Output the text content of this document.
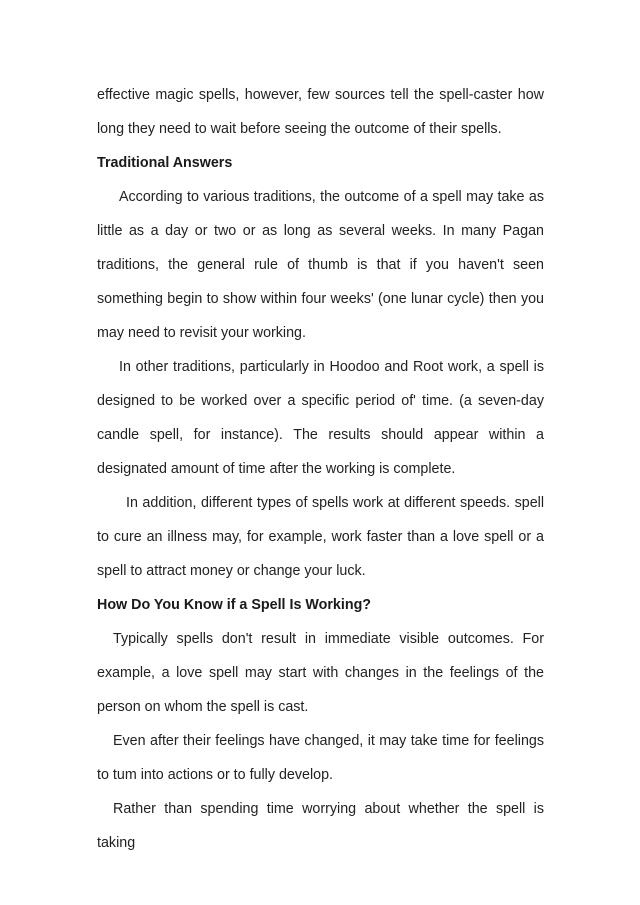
effective magic spells, however, few sources tell the spell-caster how long they need to wait before seeing the outcome of their spells.

Traditional Answers

According to various traditions, the outcome of a spell may take as little as a day or two or as long as several weeks. In many Pagan traditions, the general rule of thumb is that if you haven't seen something begin to show within four weeks' (one lunar cycle) then you may need to revisit your working.

In other traditions, particularly in Hoodoo and Root work, a spell is designed to be worked over a specific period of' time. (a seven-day candle spell, for instance). The results should appear within a designated amount of time after the working is complete.

In addition, different types of spells work at different speeds. spell to cure an illness may, for example, work faster than a love spell or a spell to attract money or change your luck.

How Do You Know if a Spell Is Working?

Typically spells don't result in immediate visible outcomes. For example, a love spell may start with changes in the feelings of the person on whom the spell is cast.

Even after their feelings have changed, it may take time for feelings to tum into actions or to fully develop.

Rather than spending time worrying about whether the spell is taking
